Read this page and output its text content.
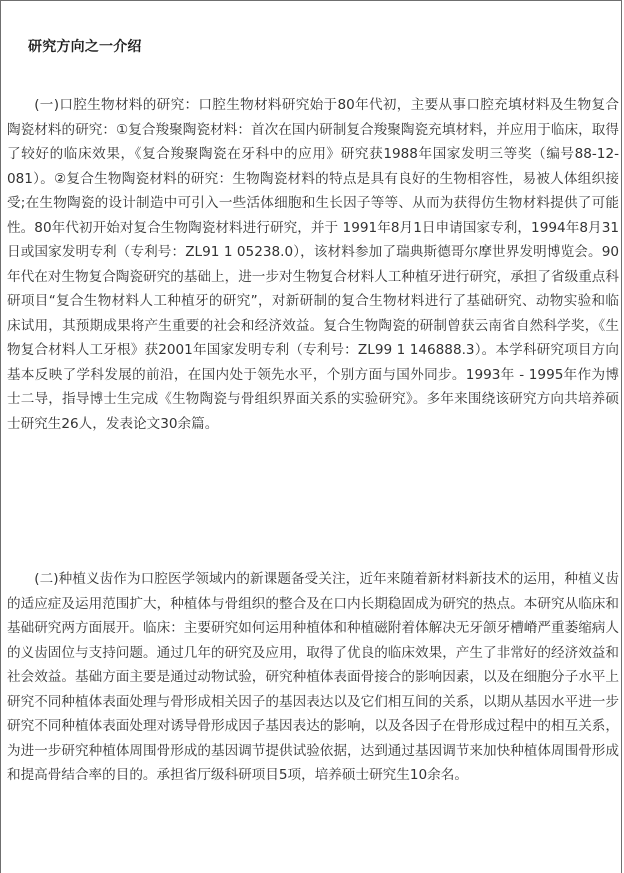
研究方向之一介绍

(一)口腔生物材料的研究：口腔生物材料研究始于80年代初，主要从事口腔充填材料及生物复合陶瓷材料的研究：①复合羧聚陶瓷材料：首次在国内研制复合羧聚陶瓷充填材料，并应用于临床，取得了较好的临床效果，《复合羧聚陶瓷在牙科中的应用》研究获1988年国家发明三等奖（编号88-12-081）。②复合生物陶瓷材料的研究：生物陶瓷材料的特点是具有良好的生物相容性，易被人体组织接受;在生物陶瓷的设计制造中可引入一些活体细胞和生长因子等等、从而为获得仿生物材料提供了可能性。80年代初开始对复合生物陶瓷材料进行研究，并于 1991年8月1日申请国家专利，1994年8月31日或国家发明专利（专利号：ZL91 1 05238.0），该材料参加了瑞典斯德哥尔摩世界发明博览会。90年代在对生物复合陶瓷研究的基础上，进一步对生物复合材料人工种植牙进行研究，承担了省级重点科研项目“复合生物材料人工种植牙的研究”，对新研制的复合生物材料进行了基础研究、动物实验和临床试用，其预期成果将产生重要的社会和经济效益。复合生物陶瓷的研制曾获云南省自然科学奖，《生物复合材料人工牙根》获2001年国家发明专利（专利号：ZL99 1 146888.3）。本学科研究项目方向基本反映了学科发展的前沿，在国内处于领先水平，个别方面与国外同步。1993年 - 1995年作为博士二导，指导博士生完成《生物陶瓷与骨组织界面关系的实验研究》。多年来围绕该研究方向共培养硕士研究生26人，发表论文30余篇。

(二)种植义齿作为口腔医学领域内的新课题备受关注，近年来随着新材料新技术的运用，种植义齿的适应症及运用范围扩大，种植体与骨组织的整合及在口内长期稳固成为研究的热点。本研究从临床和基础研究两方面展开。临床：主要研究如何运用种植体和种植磁附着体解决无牙颌牙槽嵴严重萎缩病人的义齿固位与支持问题。通过几年的研究及应用，取得了优良的临床效果，产生了非常好的经济效益和社会效益。基础方面主要是通过动物试验，研究种植体表面骨接合的影响因素，以及在细胞分子水平上研究不同种植体表面处理与骨形成相关因子的基因表达以及它们相互间的关系，以期从基因水平进一步研究不同种植体表面处理对诱导骨形成因子基因表达的影响，以及各因子在骨形成过程中的相互关系，为进一步研究种植体周围骨形成的基因调节提供试验依据，达到通过基因调节来加快种植体周围骨形成和提高骨结合率的目的。承担省厅级科研项目5项，培养硕士研究生10余名。
